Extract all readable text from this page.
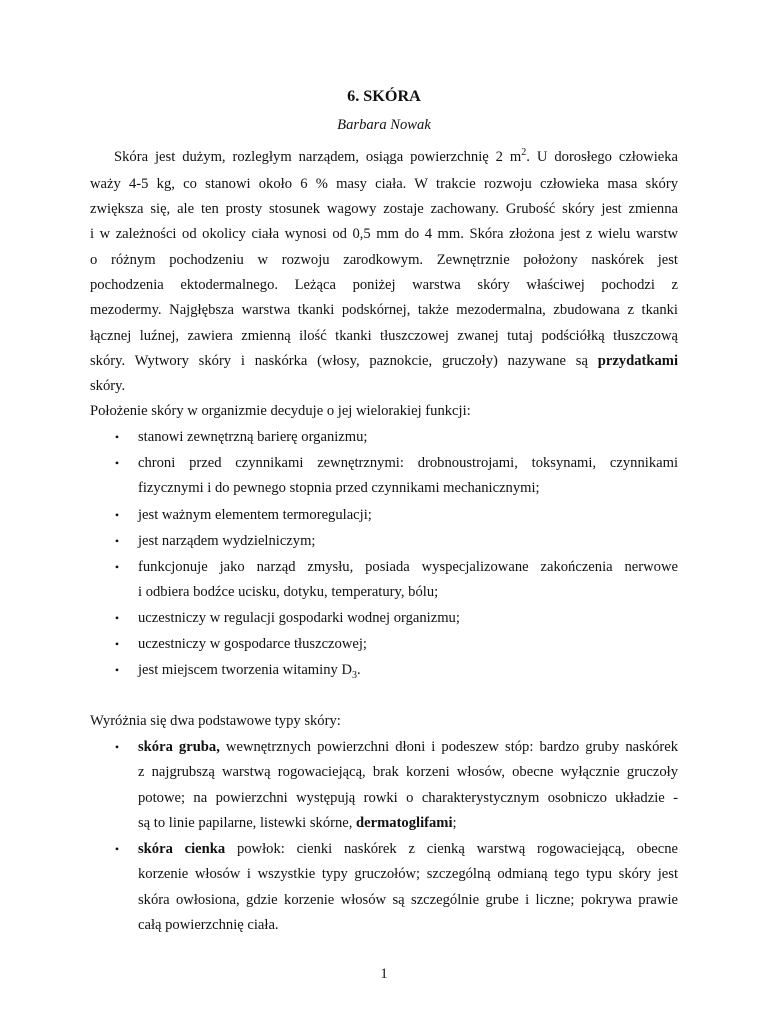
6. SKÓRA
Barbara Nowak
Skóra jest dużym, rozległym narządem, osiąga powierzchnię 2 $m^2$. U dorosłego człowieka
waży 4-5 kg, co stanowi około 6 % masy ciała. W trakcie rozwoju człowieka masa skóry
zwiększa się, ale ten prosty stosunek wagowy zostaje zachowany. Grubość skóry jest zmienna
i w zależności od okolicy ciała wynosi od 0,5 mm do 4 mm. Skóra złożona jest z wielu warstw
o różnym pochodzeniu w rozwoju zarodkowym. Zewnętrznie położony naskórek jest
pochodzenia ektodermalnego. Leżąca poniżej warstwa skóry właściwej pochodzi z
mezodermy. Najgłębsza warstwa tkanki podskórnej, także mezodermalna, zbudowana z tkanki
łącznej luźnej, zawiera zmienną ilość tkanki tłuszczowej zwanej tutaj podściółką tłuszczową
skóry. Wytwory skóry i naskórka (włosy, paznokcie, gruczoły) nazywane są przydatkami
skóry.
Położenie skóry w organizmie decyduje o jej wielorakiej funkcji:
• stanowi zewnętrzną barierę organizmu;
• chroni przed czynnikami zewnętrznymi: drobnoustrojami, toksynami, czynnikami
fizycznymi i do pewnego stopnia przed czynnikami mechanicznymi;
• jest ważnym elementem termoregulacji;
• jest narządem wydzielniczym;
• funkcjonuje jako narząd zmysłu, posiada wyspecjalizowane zakończenia nerwowe
i odbiera bodźce ucisku, dotyku, temperatury, bólu;
• uczestniczy w regulacji gospodarki wodnej organizmu;
• uczestniczy w gospodarce tłuszczowej;
• jest miejscem tworzenia witaminy $D_3$.
Wyróżnia się dwa podstawowe typy skóry:
• skóra gruba, wewnętrznych powierzchni dłoni i podeszew stóp: bardzo gruby naskórek
z najgrubszą warstwą rogowaciejącą, brak korzeni włosów, obecne wyłącznie gruczoły
potowe; na powierzchni występują rowki o charakterystycznym osobniczo układzie -
są to linie papilarne, listewki skórne, dermatoglifami;
• skóra cienka powłok: cienki naskórek z cienką warstwą rogowaciejącą, obecne
korzenie włosów i wszystkie typy gruczołów; szczególną odmianą tego typu skóry jest
skóra owłosiona, gdzie korzenie włosów są szczególnie grube i liczne; pokrywa prawie
całą powierzchnię ciała.
1
